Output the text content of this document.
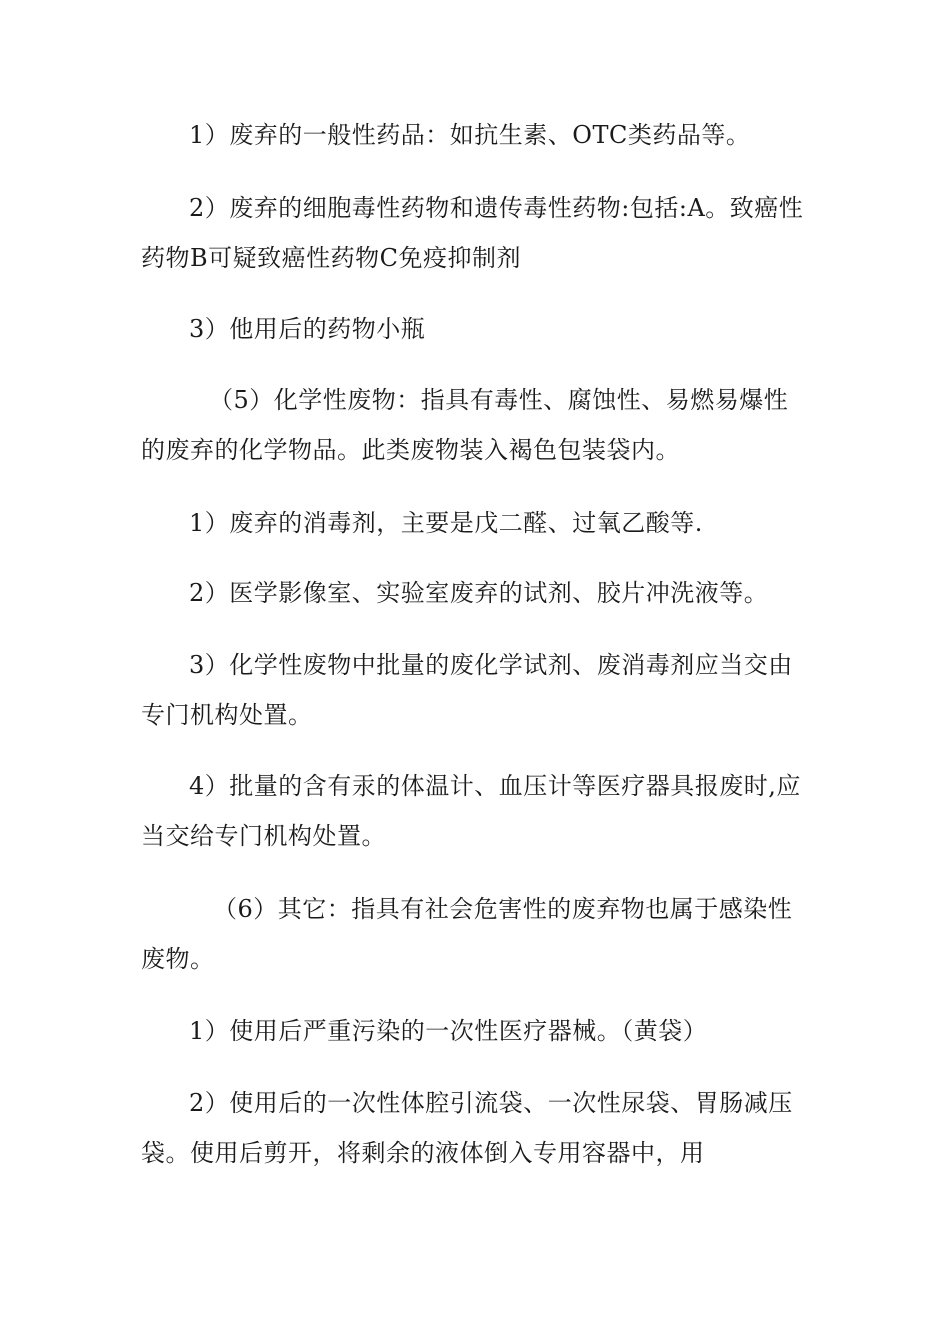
1）废弃的一般性药品：如抗生素、OTC类药品等。

2）废弃的细胞毒性药物和遗传毒性药物:包括:A。致癌性药物B可疑致癌性药物C免疫抑制剂

3）他用后的药物小瓶

（5）化学性废物：指具有毒性、腐蚀性、易燃易爆性的废弃的化学物品。此类废物装入褐色包装袋内。

1）废弃的消毒剂，主要是戊二醛、过氧乙酸等.

2）医学影像室、实验室废弃的试剂、胶片冲洗液等。

3）化学性废物中批量的废化学试剂、废消毒剂应当交由专门机构处置。

4）批量的含有汞的体温计、血压计等医疗器具报废时,应当交给专门机构处置。

（6）其它：指具有社会危害性的废弃物也属于感染性废物。

1）使用后严重污染的一次性医疗器械。（黄袋）

2）使用后的一次性体腔引流袋、一次性尿袋、胃肠减压袋。使用后剪开，将剩余的液体倒入专用容器中，用
